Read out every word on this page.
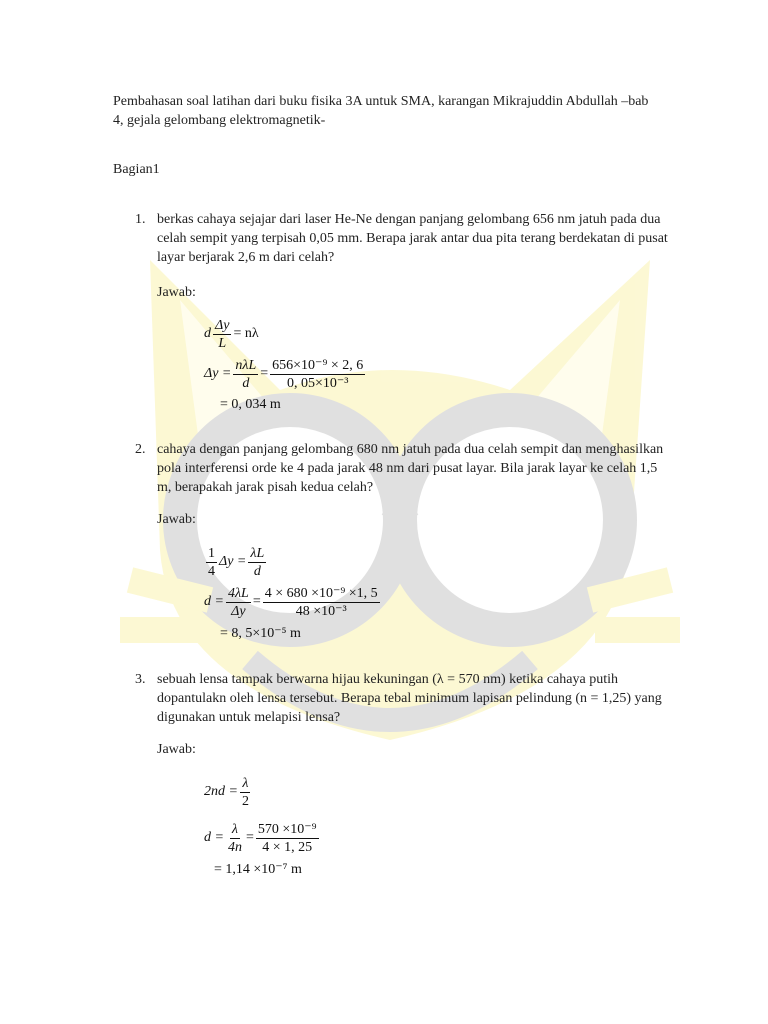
Pembahasan soal latihan dari buku fisika 3A untuk SMA, karangan Mikrajuddin Abdullah –bab 4, gejala gelombang elektromagnetik-
Bagian1
1. berkas cahaya sejajar dari laser He-Ne dengan panjang gelombang 656 nm jatuh pada dua celah sempit yang terpisah 0,05 mm. Berapa jarak antar dua pita terang berdekatan di pusat layar berjarak 2,6 m dari celah?
Jawab:
d $\frac{\Delta y}{L} = n\lambda$
$\Delta y = \frac{\text{nλL}}{d} = \frac{\text{656×10⁻⁹ × 2, 6}}{\text{0, 05×10⁻³}}$
= 0, 034 m
2. cahaya dengan panjang gelombang 680 nm jatuh pada dua celah sempit dan menghasilkan pola interferensi orde ke 4 pada jarak 48 nm dari pusat layar. Bila jarak layar ke celah 1,5 m, berapakah jarak pisah kedua celah?
Jawab:
$\frac{1}{4}$ $\Delta y = \frac{\lambda L}{d}$
$d = \frac{4\lambda L}{\Delta y} = \frac{\text{4 × 680 ×10⁻⁹ ×1, 5}}{\text{48 ×10⁻³}}$
= 8, 5×10⁻⁵ m
3. sebuah lensa tampak berwarna hijau kekuningan (λ = 570 nm) ketika cahaya putih dopantulakn oleh lensa tersebut. Berapa tebal minimum lapisan pelindung (n = 1,25) yang digunakan untuk melapisi lensa?
Jawab:
$2nd = \frac{\lambda}{2}$
$d = \frac{\lambda}{4n} = \frac{\text{570 ×10⁻⁹}}{4 \times 1, 25}$
= 1,14 ×10⁻⁷ m
